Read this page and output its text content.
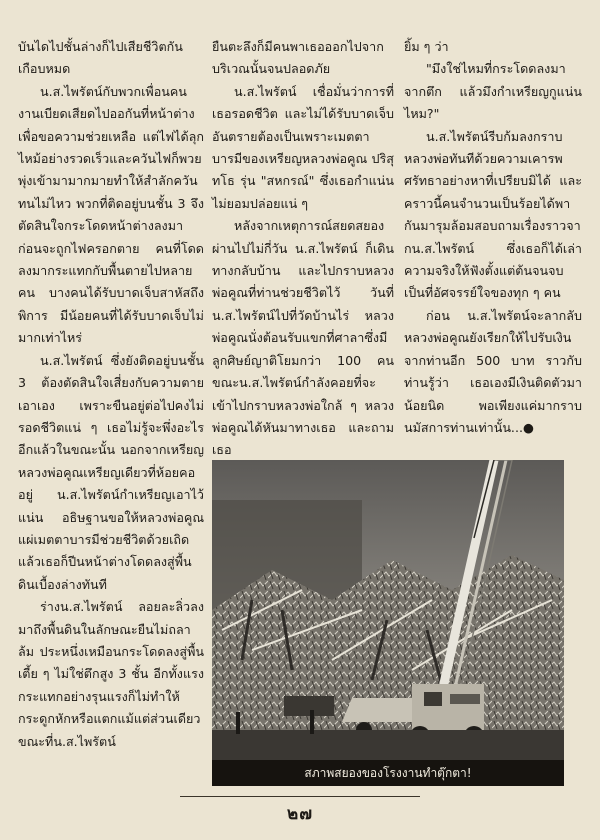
บันไดไปชั้นล่างก็ไปเสียชีวิตกันเกือบหมด

น.ส.ไพรัตน์กับพวกเพื่อนคนงานเบียดเสียดไปออกันที่หน้าต่างเพื่อขอความช่วยเหลือ แต่ไฟได้ลุกไหม้อย่างรวดเร็วและควันไฟก็พวยพุ่งเข้ามามากมายทำให้สำลักควันทนไม่ไหว พวกที่ติดอยู่บนชั้น 3 จึงตัดสินใจกระโดดหน้าต่างลงมาก่อนจะถูกไฟครอกตาย คนที่โดดลงมากระแทกกับพื้นตายไปหลายคน บางคนได้รับบาดเจ็บสาหัสถึงพิการ มีน้อยคนที่ได้รับบาดเจ็บไม่มากเท่าไหร่

น.ส.ไพรัตน์ ซึ่งยังติดอยู่บนชั้น 3 ต้องตัดสินใจเสี่ยงกับความตายเอาเอง เพราะขืนอยู่ต่อไปคงไม่รอดชีวิตแน่ ๆ เธอไม่รู้จะพึ่งอะไรอีกแล้วในขณะนั้น นอกจากเหรียญหลวงพ่อคูณเหรียญเดียวที่ห้อยคออยู่ น.ส.ไพรัตน์กำเหรียญเอาไว้แน่น อธิษฐานขอให้หลวงพ่อคูณแผ่เมตตาบารมีช่วยชีวิตด้วยเถิด แล้วเธอก็ปีนหน้าต่างโดดลงสู่พื้นดินเบื้องล่างทันที

ร่างน.ส.ไพรัตน์ ลอยละลิ่วลงมาถึงพื้นดินในลักษณะยืนไม่ถลาล้ม ประหนึ่งเหมือนกระโดดลงสู่พื้นเตี้ย ๆ ไม่ใช่ตึกสูง 3 ชั้น อีกทั้งแรงกระแทกอย่างรุนแรงก็ไม่ทำให้กระดูกหักหรือแตกแม้แต่ส่วนเดียว ขณะที่น.ส.ไพรัตน์

ยืนตะลึงก็มีคนพาเธอออกไปจากบริเวณนั้นจนปลอดภัย

น.ส.ไพรัตน์ เชื่อมั่นว่าการที่เธอรอดชีวิต และไม่ได้รับบาดเจ็บอันตรายต้องเป็นเพราะเมตตาบารมีของเหรียญหลวงพ่อคูณ ปริสุทโธ รุ่น "สหกรณ์" ซึ่งเธอกำแน่นไม่ยอมปล่อยแน่ ๆ

หลังจากเหตุการณ์สยดสยองผ่านไปไม่กี่วัน น.ส.ไพรัตน์ ก็เดินทางกลับบ้าน และไปกราบหลวงพ่อคูณที่ท่านช่วยชีวิตไว้ วันที่น.ส.ไพรัตน์ไปที่วัดบ้านไร่ หลวงพ่อคูณนั่งต้อนรับแขกที่ศาลาซึ่งมีลูกศิษย์ญาติโยมกว่า 100 คน ขณะน.ส.ไพรัตน์กำลังคอยที่จะเข้าไปกราบหลวงพ่อใกล้ ๆ หลวงพ่อคูณได้หันมาทางเธอ และถามเธอ

ยิ้ม ๆ ว่า

"มึงใช่ไหมที่กระโดดลงมาจากตึก แล้วมึงกำเหรียญกูแน่นไหม?"

น.ส.ไพรัตน์รีบก้มลงกราบหลวงพ่อทันทีด้วยความเคารพศรัทธาอย่างหาที่เปรียบมิได้ และคราวนี้คนจำนวนเป็นร้อยได้พากันมารุมล้อมสอบถามเรื่องราวจากน.ส.ไพรัตน์ ซึ่งเธอก็ได้เล่าความจริงให้ฟังตั้งแต่ต้นจนจบ เป็นที่อัศจรรย์ใจของทุก ๆ คน

ก่อน น.ส.ไพรัตน์จะลากลับ หลวงพ่อคูณยังเรียกให้ไปรับเงินจากท่านอีก 500 บาท ราวกับท่านรู้ว่า เธอเองมีเงินติดตัวมาน้อยนิด พอเพียงแค่มากราบนมัสการท่านเท่านั้น...●

สภาพสยองของโรงงานทำตุ๊กตา!
๒๗
